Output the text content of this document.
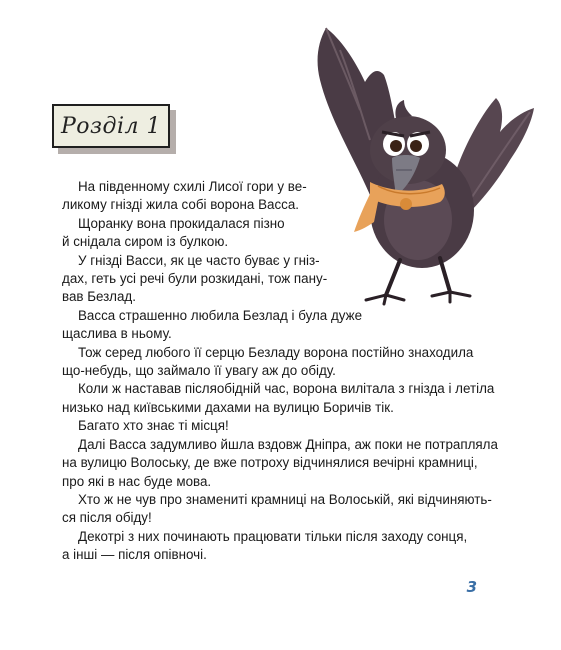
Розділ 1
На південному схилі Лисої гори у ве-
ликому гнізді жила собі ворона Васса.
Щоранку вона прокидалася пізно
й снідала сиром із булкою.
У гнізді Васси, як це часто буває у гніз-
дах, геть усі речі були розкидані, тож пану-
вав Безлад.
Васса страшенно любила Безлад і була дуже
щаслива в ньому.
Тож серед любого її серцю Безладу ворона постійно знаходила
що-небудь, що займало її увагу аж до обіду.
Коли ж наставав післяобідній час, ворона вилітала з гнізда і летіла
низько над київськими дахами на вулицю Боричів тік.
Багато хто знає ті місця!
Далі Васса задумливо йшла вздовж Дніпра, аж поки не потрапляла
на вулицю Волоську, де вже потроху відчинялися вечірні крамниці,
про які в нас буде мова.
Хто ж не чув про знамениті крамниці на Волоській, які відчиняють-
ся після обіду!
Декотрі з них починають працювати тільки після заходу сонця,
а інші — після опівночі.
3
